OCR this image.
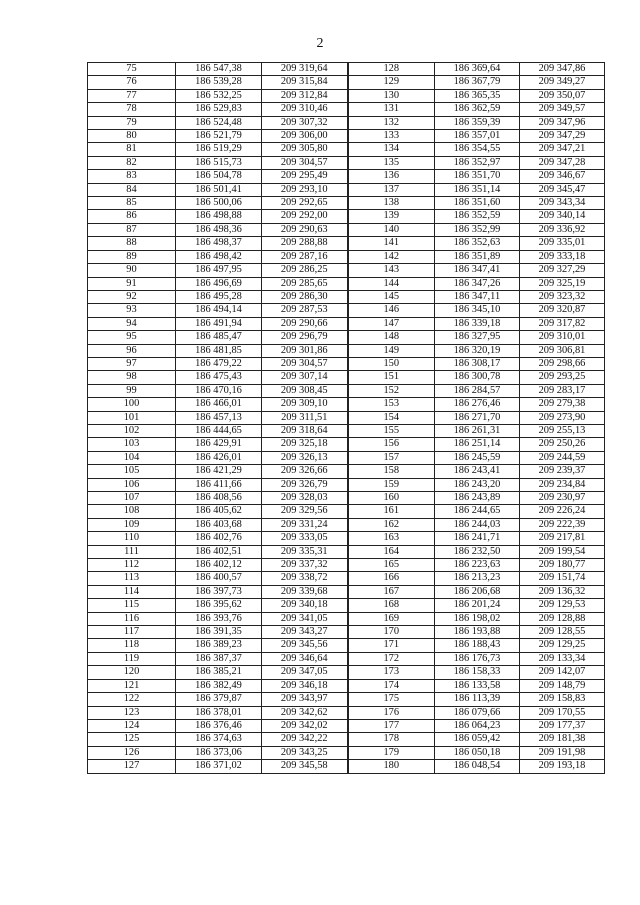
2
75	186 547,38	209 319,64	128	186 369,64	209 347,86
76	186 539,28	209 315,84	129	186 367,79	209 349,27
77	186 532,25	209 312,84	130	186 365,35	209 350,07
78	186 529,83	209 310,46	131	186 362,59	209 349,57
79	186 524,48	209 307,32	132	186 359,39	209 347,96
80	186 521,79	209 306,00	133	186 357,01	209 347,29
81	186 519,29	209 305,80	134	186 354,55	209 347,21
82	186 515,73	209 304,57	135	186 352,97	209 347,28
83	186 504,78	209 295,49	136	186 351,70	209 346,67
84	186 501,41	209 293,10	137	186 351,14	209 345,47
85	186 500,06	209 292,65	138	186 351,60	209 343,34
86	186 498,88	209 292,00	139	186 352,59	209 340,14
87	186 498,36	209 290,63	140	186 352,99	209 336,92
88	186 498,37	209 288,88	141	186 352,63	209 335,01
89	186 498,42	209 287,16	142	186 351,89	209 333,18
90	186 497,95	209 286,25	143	186 347,41	209 327,29
91	186 496,69	209 285,65	144	186 347,26	209 325,19
92	186 495,28	209 286,30	145	186 347,11	209 323,32
93	186 494,14	209 287,53	146	186 345,10	209 320,87
94	186 491,94	209 290,66	147	186 339,18	209 317,82
95	186 485,47	209 296,79	148	186 327,95	209 310,01
96	186 481,85	209 301,86	149	186 320,19	209 306,81
97	186 479,22	209 304,57	150	186 308,17	209 298,66
98	186 475,43	209 307,14	151	186 300,78	209 293,25
99	186 470,16	209 308,45	152	186 284,57	209 283,17
100	186 466,01	209 309,10	153	186 276,46	209 279,38
101	186 457,13	209 311,51	154	186 271,70	209 273,90
102	186 444,65	209 318,64	155	186 261,31	209 255,13
103	186 429,91	209 325,18	156	186 251,14	209 250,26
104	186 426,01	209 326,13	157	186 245,59	209 244,59
105	186 421,29	209 326,66	158	186 243,41	209 239,37
106	186 411,66	209 326,79	159	186 243,20	209 234,84
107	186 408,56	209 328,03	160	186 243,89	209 230,97
108	186 405,62	209 329,56	161	186 244,65	209 226,24
109	186 403,68	209 331,24	162	186 244,03	209 222,39
110	186 402,76	209 333,05	163	186 241,71	209 217,81
111	186 402,51	209 335,31	164	186 232,50	209 199,54
112	186 402,12	209 337,32	165	186 223,63	209 180,77
113	186 400,57	209 338,72	166	186 213,23	209 151,74
114	186 397,73	209 339,68	167	186 206,68	209 136,32
115	186 395,62	209 340,18	168	186 201,24	209 129,53
116	186 393,76	209 341,05	169	186 198,02	209 128,88
117	186 391,35	209 343,27	170	186 193,88	209 128,55
118	186 389,23	209 345,56	171	186 188,43	209 129,25
119	186 387,37	209 346,64	172	186 176,73	209 133,34
120	186 385,21	209 347,05	173	186 158,33	209 142,07
121	186 382,49	209 346,18	174	186 133,58	209 148,79
122	186 379,87	209 343,97	175	186 113,39	209 158,83
123	186 378,01	209 342,62	176	186 079,66	209 170,55
124	186 376,46	209 342,02	177	186 064,23	209 177,37
125	186 374,63	209 342,22	178	186 059,42	209 181,38
126	186 373,06	209 343,25	179	186 050,18	209 191,98
127	186 371,02	209 345,58	180	186 048,54	209 193,18
